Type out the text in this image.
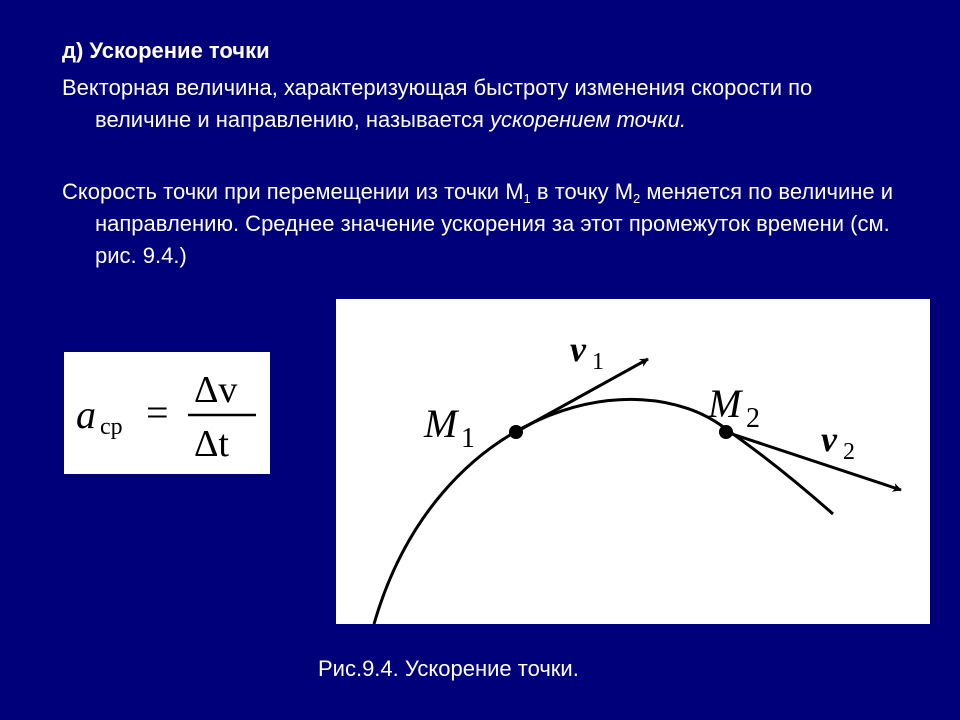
д) Ускорение точки

Векторная величина, характеризующая быстроту изменения скорости по величине и направлению, называется ускорением точки.

Скорость точки при перемещении из точки $М_1$ в точку $М_2$ меняется по величине и направлению. Среднее значение ускорения за этот промежуток времени (см. рис. 9.4.)

a ср = Δv
Δt	M 1
M 2
v 1
v 2
Рис.9.4. Ускорение точки.
